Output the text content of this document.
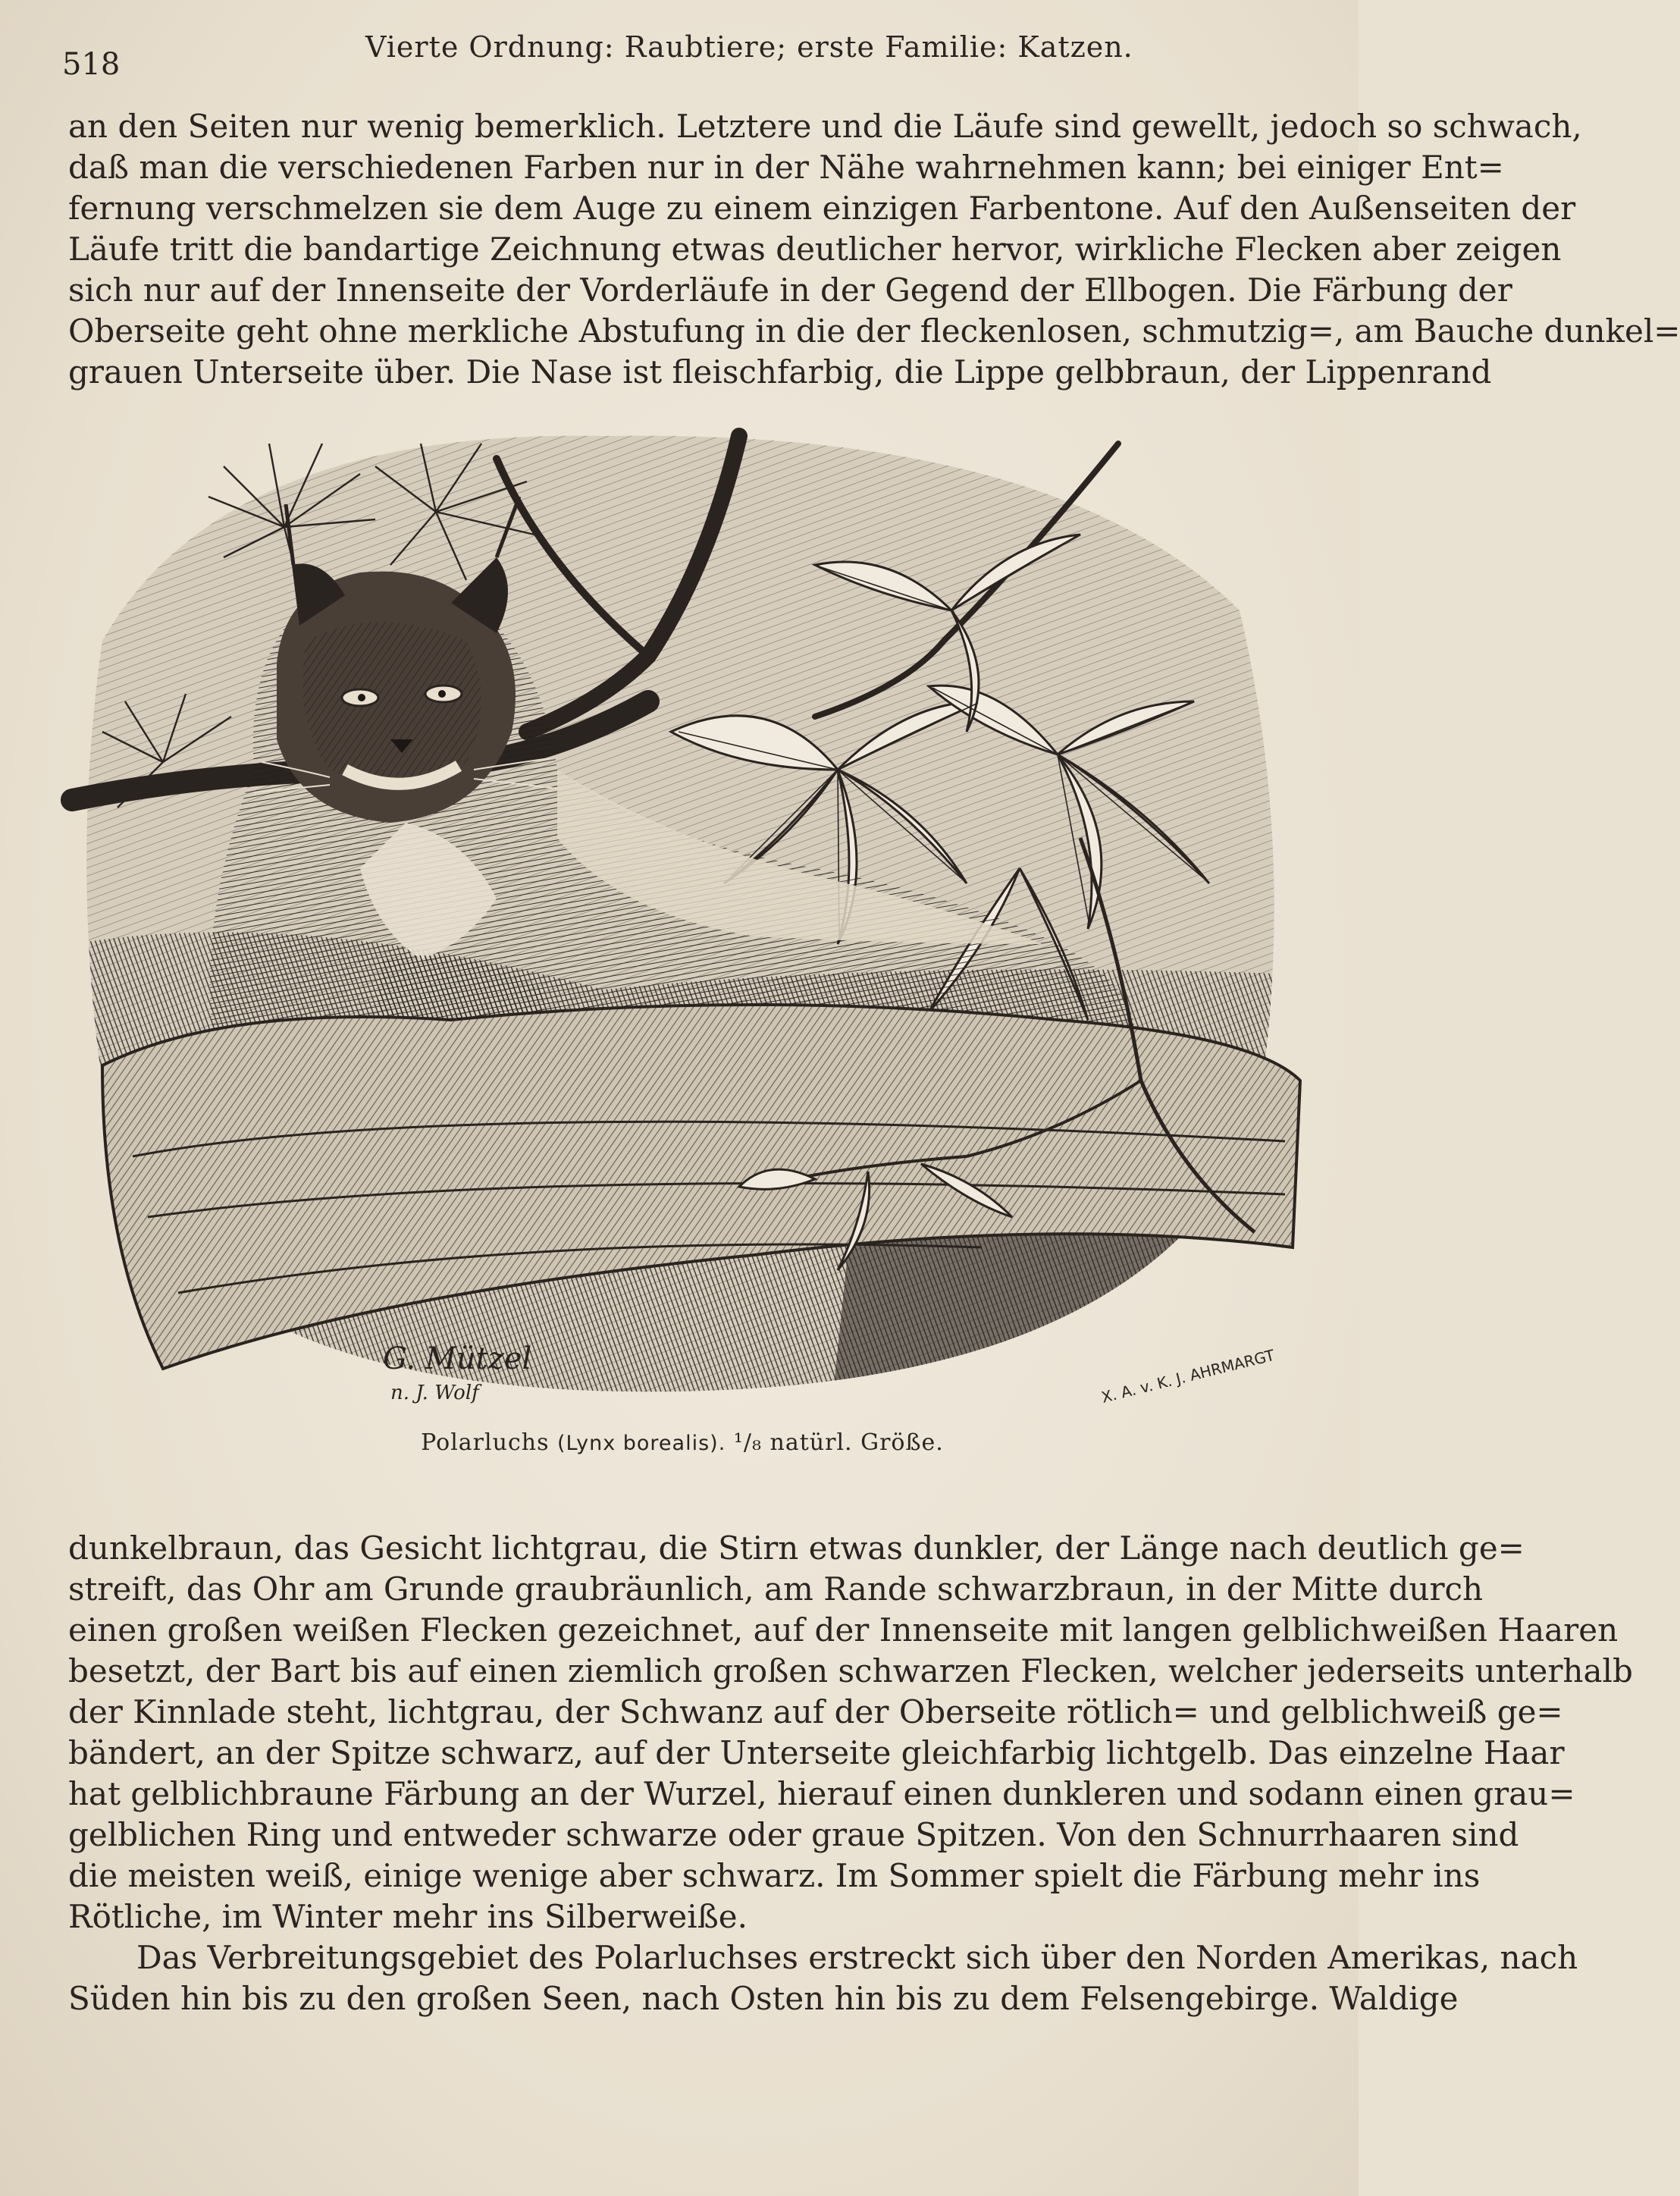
518	Vierte Ordnung: Raubtiere; erste Familie: Katzen.
an den Seiten nur wenig bemerklich. Letztere und die Läufe sind gewellt, jedoch so schwach,
daß man die verschiedenen Farben nur in der Nähe wahrnehmen kann; bei einiger Ent=
fernung verschmelzen sie dem Auge zu einem einzigen Farbentone. Auf den Außenseiten der
Läufe tritt die bandartige Zeichnung etwas deutlicher hervor, wirkliche Flecken aber zeigen
sich nur auf der Innenseite der Vorderläufe in der Gegend der Ellbogen. Die Färbung der
Oberseite geht ohne merkliche Abstufung in die der fleckenlosen, schmutzig=, am Bauche dunkel=
grauen Unterseite über. Die Nase ist fleischfarbig, die Lippe gelbbraun, der Lippenrand
G. Mützel
n. J. Wolf	X. A. v. K. J. AHRMARGT
Polarluchs (Lynx borealis). ¹/₈ natürl. Größe.
dunkelbraun, das Gesicht lichtgrau, die Stirn etwas dunkler, der Länge nach deutlich ge=
streift, das Ohr am Grunde graubräunlich, am Rande schwarzbraun, in der Mitte durch
einen großen weißen Flecken gezeichnet, auf der Innenseite mit langen gelblichweißen Haaren
besetzt, der Bart bis auf einen ziemlich großen schwarzen Flecken, welcher jederseits unterhalb
der Kinnlade steht, lichtgrau, der Schwanz auf der Oberseite rötlich= und gelblichweiß ge=
bändert, an der Spitze schwarz, auf der Unterseite gleichfarbig lichtgelb. Das einzelne Haar
hat gelblichbraune Färbung an der Wurzel, hierauf einen dunkleren und sodann einen grau=
gelblichen Ring und entweder schwarze oder graue Spitzen. Von den Schnurrhaaren sind
die meisten weiß, einige wenige aber schwarz. Im Sommer spielt die Färbung mehr ins
Rötliche, im Winter mehr ins Silberweiße.
Das Verbreitungsgebiet des Polarluchses erstreckt sich über den Norden Amerikas, nach
Süden hin bis zu den großen Seen, nach Osten hin bis zu dem Felsengebirge. Waldige
